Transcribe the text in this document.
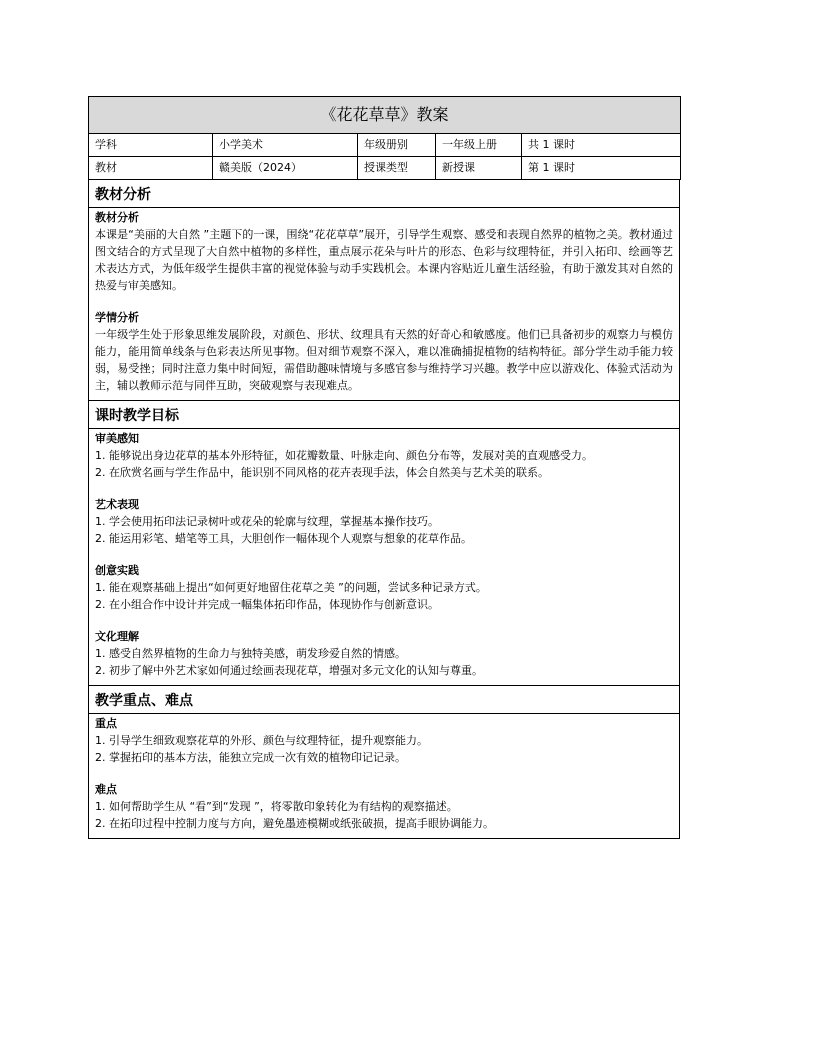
《花花草草》教案				
学科	小学美术	年级册别	一年级上册	共 1 课时
教材	赣美版（2024）	授课类型	新授课	第 1 课时
教材分析
教材分析
本课是“美丽的大自然 ”主题下的一课，围绕“花花草草”展开，引导学生观察、感受和表现自然界的植物之美。教材通过图文结合的方式呈现了大自然中植物的多样性，重点展示花朵与叶片的形态、色彩与纹理特征，并引入拓印、绘画等艺术表达方式，为低年级学生提供丰富的视觉体验与动手实践机会。本课内容贴近儿童生活经验，有助于激发其对自然的热爱与审美感知。
学情分析
一年级学生处于形象思维发展阶段，对颜色、形状、纹理具有天然的好奇心和敏感度。他们已具备初步的观察力与模仿能力，能用简单线条与色彩表达所见事物。但对细节观察不深入，难以准确捕捉植物的结构特征。部分学生动手能力较弱，易受挫；同时注意力集中时间短，需借助趣味情境与多感官参与维持学习兴趣。教学中应以游戏化、体验式活动为主，辅以教师示范与同伴互助，突破观察与表现难点。
课时教学目标
审美感知
1. 能够说出身边花草的基本外形特征，如花瓣数量、叶脉走向、颜色分布等，发展对美的直观感受力。
2. 在欣赏名画与学生作品中，能识别不同风格的花卉表现手法，体会自然美与艺术美的联系。
艺术表现
1. 学会使用拓印法记录树叶或花朵的轮廓与纹理，掌握基本操作技巧。
2. 能运用彩笔、蜡笔等工具，大胆创作一幅体现个人观察与想象的花草作品。
创意实践
1. 能在观察基础上提出“如何更好地留住花草之美 ”的问题，尝试多种记录方式。
2. 在小组合作中设计并完成一幅集体拓印作品，体现协作与创新意识。
文化理解
1. 感受自然界植物的生命力与独特美感，萌发珍爱自然的情感。
2. 初步了解中外艺术家如何通过绘画表现花草，增强对多元文化的认知与尊重。
教学重点、难点
重点
1. 引导学生细致观察花草的外形、颜色与纹理特征，提升观察能力。
2. 掌握拓印的基本方法，能独立完成一次有效的植物印记记录。
难点
1. 如何帮助学生从 “看”到“发现 ”，将零散印象转化为有结构的观察描述。
2. 在拓印过程中控制力度与方向，避免墨迹模糊或纸张破损，提高手眼协调能力。
